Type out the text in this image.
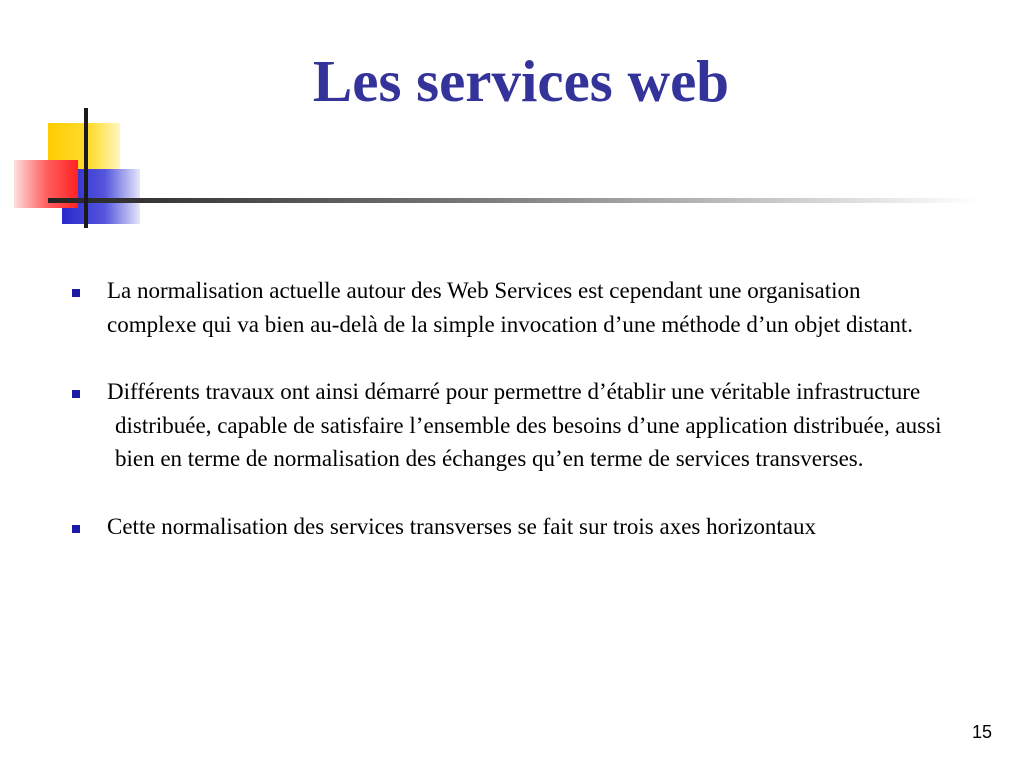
Les services web
La normalisation actuelle autour des Web Services est cependant une organisation complexe qui va bien au-delà de la simple invocation d’une méthode d’un objet distant.
Différents travaux ont ainsi démarré pour permettre d’établir une véritable infrastructure distribuée, capable de satisfaire l’ensemble des besoins d’une application distribuée, aussi bien en terme de normalisation des échanges qu’en terme de services transverses.
Cette normalisation des services transverses se fait sur trois axes horizontaux
15
